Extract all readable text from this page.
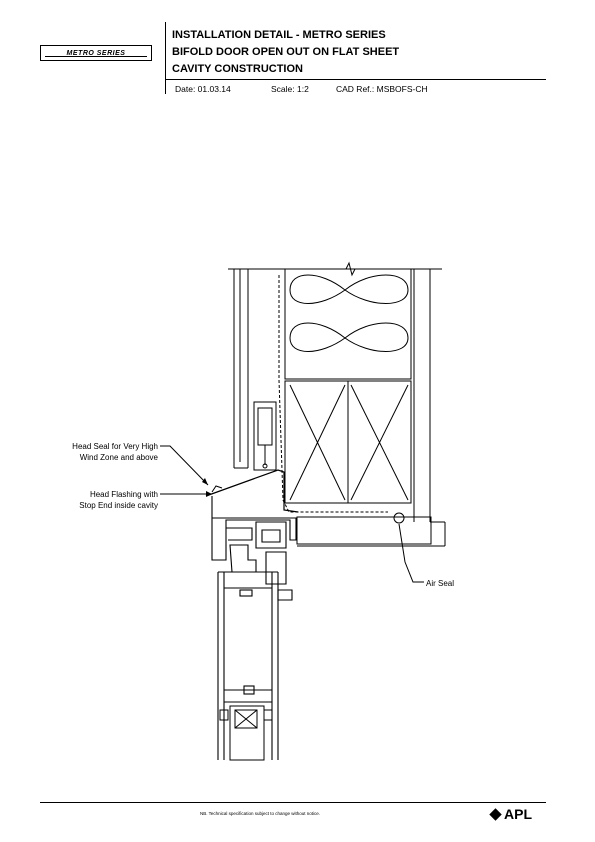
METRO SERIES
INSTALLATION DETAIL - METRO SERIES
BIFOLD DOOR OPEN OUT ON FLAT SHEET
CAVITY CONSTRUCTION
Date: 01.03.14	Scale: 1:2	CAD Ref.: MSBOFS-CH
Head Seal for Very High
Wind Zone and above
Head Flashing with
Stop End inside cavity
Air Seal
NB. Technical specification subject to change without notice.	APL
